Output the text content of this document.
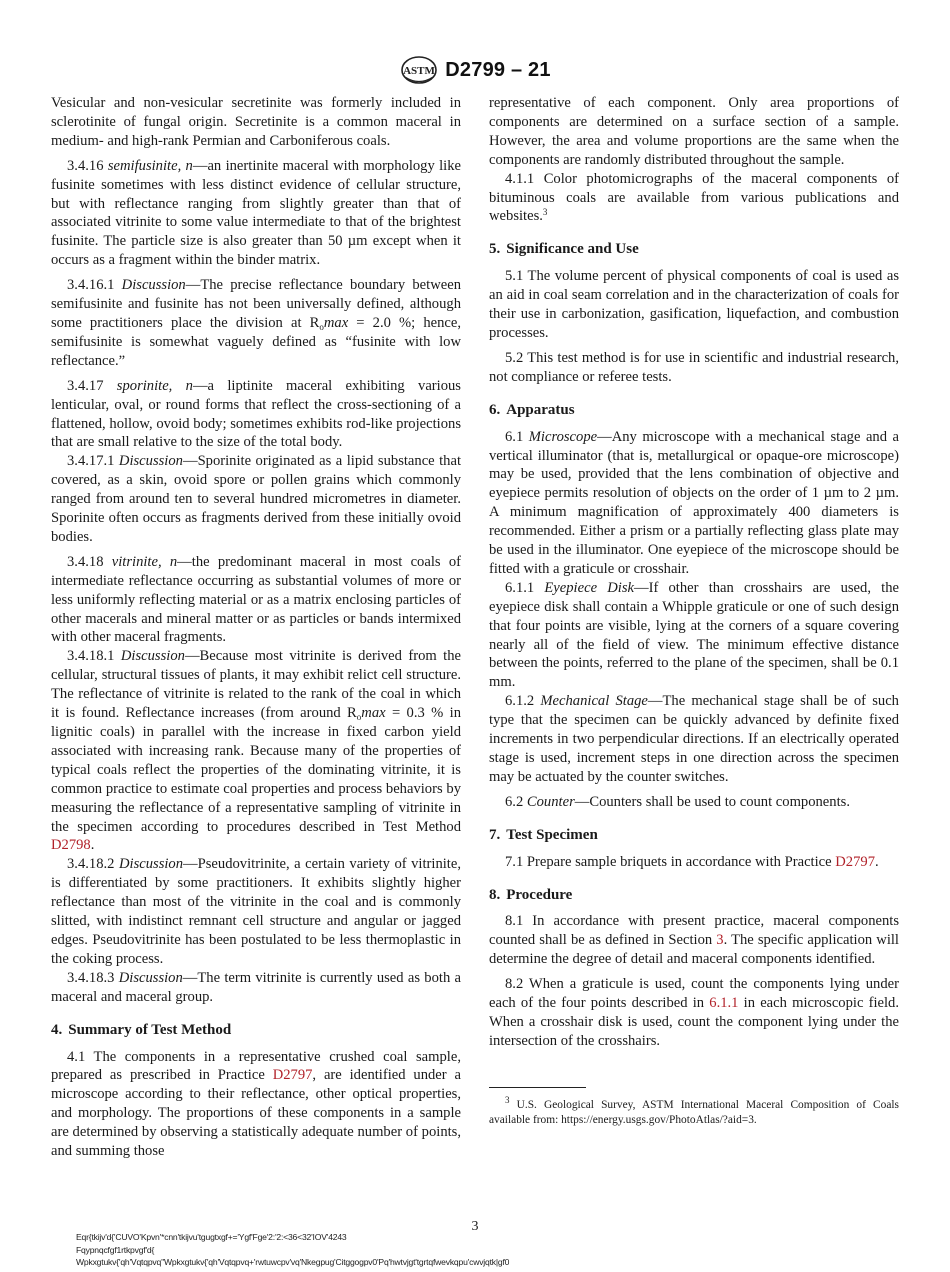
ASTM D2799 – 21

Vesicular and non-vesicular secretinite was formerly included in sclerotinite of fungal origin. Secretinite is a common maceral in medium- and high-rank Permian and Carboniferous coals.

3.4.16 semifusinite, n—an inertinite maceral with morphology like fusinite sometimes with less distinct evidence of cellular structure, but with reflectance ranging from slightly greater than that of associated vitrinite to some value intermediate to that of the brightest fusinite. The particle size is also greater than 50 µm except when it occurs as a fragment within the binder matrix.

3.4.16.1 Discussion—The precise reflectance boundary between semifusinite and fusinite has not been universally defined, although some practitioners place the division at $R_o\max = 2.0$ %; hence, semifusinite is somewhat vaguely defined as “fusinite with low reflectance.”

3.4.17 sporinite, n—a liptinite maceral exhibiting various lenticular, oval, or round forms that reflect the cross-sectioning of a flattened, hollow, ovoid body; sometimes exhibits rod-like projections that are small relative to the size of the total body.

3.4.17.1 Discussion—Sporinite originated as a lipid substance that covered, as a skin, ovoid spore or pollen grains which commonly ranged from around ten to several hundred micrometres in diameter. Sporinite often occurs as fragments derived from these initially ovoid bodies.

3.4.18 vitrinite, n—the predominant maceral in most coals of intermediate reflectance occurring as substantial volumes of more or less uniformly reflecting material or as a matrix enclosing particles of other macerals and mineral matter or as particles or bands intermixed with other maceral fragments.

3.4.18.1 Discussion—Because most vitrinite is derived from the cellular, structural tissues of plants, it may exhibit relict cell structure. The reflectance of vitrinite is related to the rank of the coal in which it is found. Reflectance increases (from around $R_o\max = 0.3$ % in lignitic coals) in parallel with the increase in fixed carbon yield associated with increasing rank. Because many of the properties of typical coals reflect the properties of the dominating vitrinite, it is common practice to estimate coal properties and process behaviors by measuring the reflectance of a representative sampling of vitrinite in the specimen according to procedures described in Test Method D2798.

3.4.18.2 Discussion—Pseudovitrinite, a certain variety of vitrinite, is differentiated by some practitioners. It exhibits slightly higher reflectance than most of the vitrinite in the coal and is commonly slitted, with indistinct remnant cell structure and angular or jagged edges. Pseudovitrinite has been postulated to be less thermoplastic in the coking process.

3.4.18.3 Discussion—The term vitrinite is currently used as both a maceral and maceral group.

4. Summary of Test Method

4.1 The components in a representative crushed coal sample, prepared as prescribed in Practice D2797, are identified under a microscope according to their reflectance, other optical properties, and morphology. The proportions of these components in a sample are determined by observing a statistically adequate number of points, and summing those

representative of each component. Only area proportions of components are determined on a surface section of a sample. However, the area and volume proportions are the same when the components are randomly distributed throughout the sample.

4.1.1 Color photomicrographs of the maceral components of bituminous coals are available from various publications and websites.$^3$

5. Significance and Use

5.1 The volume percent of physical components of coal is used as an aid in coal seam correlation and in the characterization of coals for their use in carbonization, gasification, liquefaction, and combustion processes.

5.2 This test method is for use in scientific and industrial research, not compliance or referee tests.

6. Apparatus

6.1 Microscope—Any microscope with a mechanical stage and a vertical illuminator (that is, metallurgical or opaque-ore microscope) may be used, provided that the lens combination of objective and eyepiece permits resolution of objects on the order of 1 µm to 2 µm. A minimum magnification of approximately 400 diameters is recommended. Either a prism or a partially reflecting glass plate may be used in the illuminator. One eyepiece of the microscope should be fitted with a graticule or crosshair.

6.1.1 Eyepiece Disk—If other than crosshairs are used, the eyepiece disk shall contain a Whipple graticule or one of such design that four points are visible, lying at the corners of a square covering nearly all of the field of view. The minimum effective distance between the points, referred to the plane of the specimen, shall be 0.1 mm.

6.1.2 Mechanical Stage—The mechanical stage shall be of such type that the specimen can be quickly advanced by definite fixed increments in two perpendicular directions. If an electrically operated stage is used, increment steps in one direction across the specimen may be actuated by the counter switches.

6.2 Counter—Counters shall be used to count components.

7. Test Specimen

7.1 Prepare sample briquets in accordance with Practice D2797.

8. Procedure

8.1 In accordance with present practice, maceral components counted shall be as defined in Section 3. The specific application will determine the degree of detail and maceral components identified.

8.2 When a graticule is used, count the components lying under each of the four points described in 6.1.1 in each microscopic field. When a crosshair disk is used, count the component lying under the intersection of the crosshairs.

$^3$ U.S. Geological Survey, ASTM International Maceral Composition of Coals available from: https://energy.usgs.gov/PhotoAtlas/?aid=3.

3
Eqr{tkijv'd{'CUVO'Kpvn'*cnn'tkijvu'tgugtxgf+='Ygf'Fge'2:'2:<36<32'IOV'4243
Fqypnqcfgf1rtkpvgf'd{
Wpkxgtukv{'qh'Vqtqpvq''Wpkxgtukv{'qh'Vqtqpvq+'rwtuwcpv'vq'Nkegpug'Citggogpv0'Pq'hwtvjgt'tgrtqfwevkqpu'cwvjqtk|gf0
